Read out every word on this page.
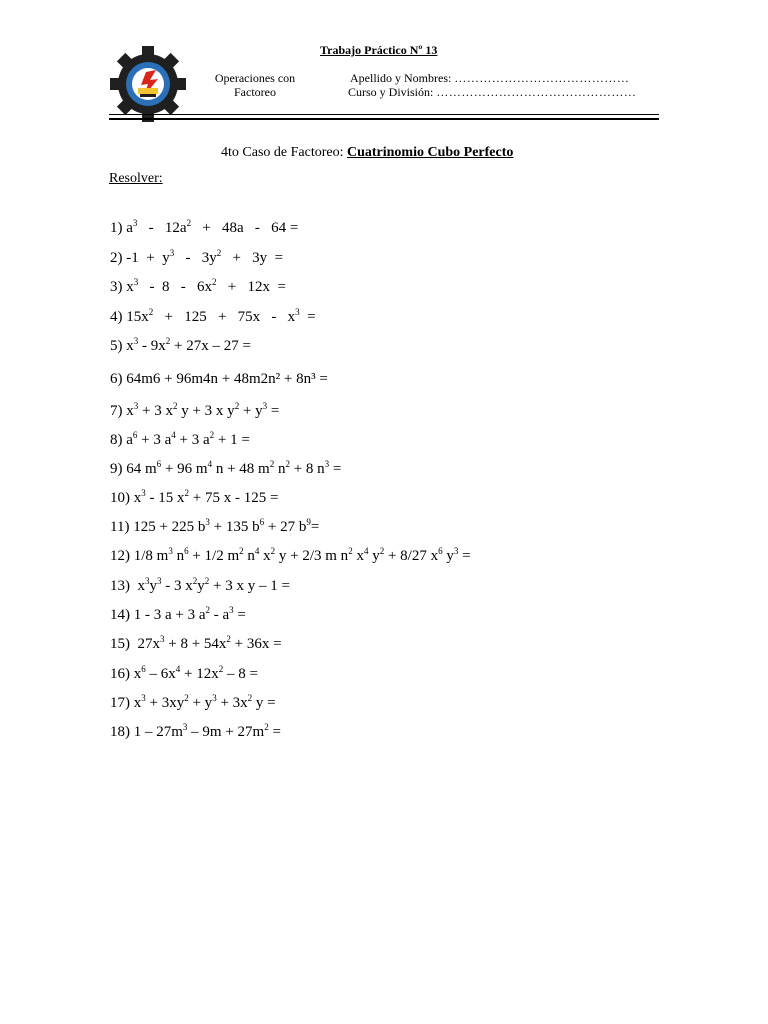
Trabajo Práctico Nº 13
Operaciones con
Factoreo
Apellido y Nombres: ……………………………………
Curso y División: …………………………………………
4to Caso de Factoreo: Cuatrinomio Cubo Perfecto
Resolver:
1) $a^3 - 12a^2 + 48a - 64$ =
2) $-1 + y^3 - 3y^2 + 3y$  =
3) $x^3 - 8 - 6x^2 + 12x$  =
4) $15x^2 + 125 + 75x - x^3$  =
5) $x^3 - 9x^2 + 27x - 27$ =
6) 64m6 + 96m4n + 48m2n² + 8n³ =
7) $x^3 + 3$ $x^2$ y + 3 x $y^2 + y^3$ =
8) $a^6 + 3$ $a^4 + 3$ $a^2 + 1$ =
9) 64 $m^6 + 96$ $m^4$ n + 48 $m^2$ $n^2 + 8$ $n^3$ =
10) $x^3 - 15$ $x^2 + 75$ x - 125 =
11) 125 + 225 $b^3 + 135$ $b^6 + 27$ $b^9=$
12) 1/8 $m^3$ $n^6 + 1/2$ $m^2$ $n^4$ $x^2$ y + 2/3 m $n^2$ $x^4$ $y^2 + 8/27$ $x^6$ $y^3$ =
13)  $x^3y^3 - 3$ $x^2y^2 + 3$ x y – 1 =
14) 1 - 3 a + 3 $a^2 - a^3$ =
15)  $27x^3 + 8 + 54x^2 + 36x$ =
16) $x^6 - 6x^4 + 12x^2 - 8$ =
17) $x^3 + 3xy^2 + y^3 + 3x^2$ y =
18) $1 - 27m^3 - 9m + 27m^2$ =
